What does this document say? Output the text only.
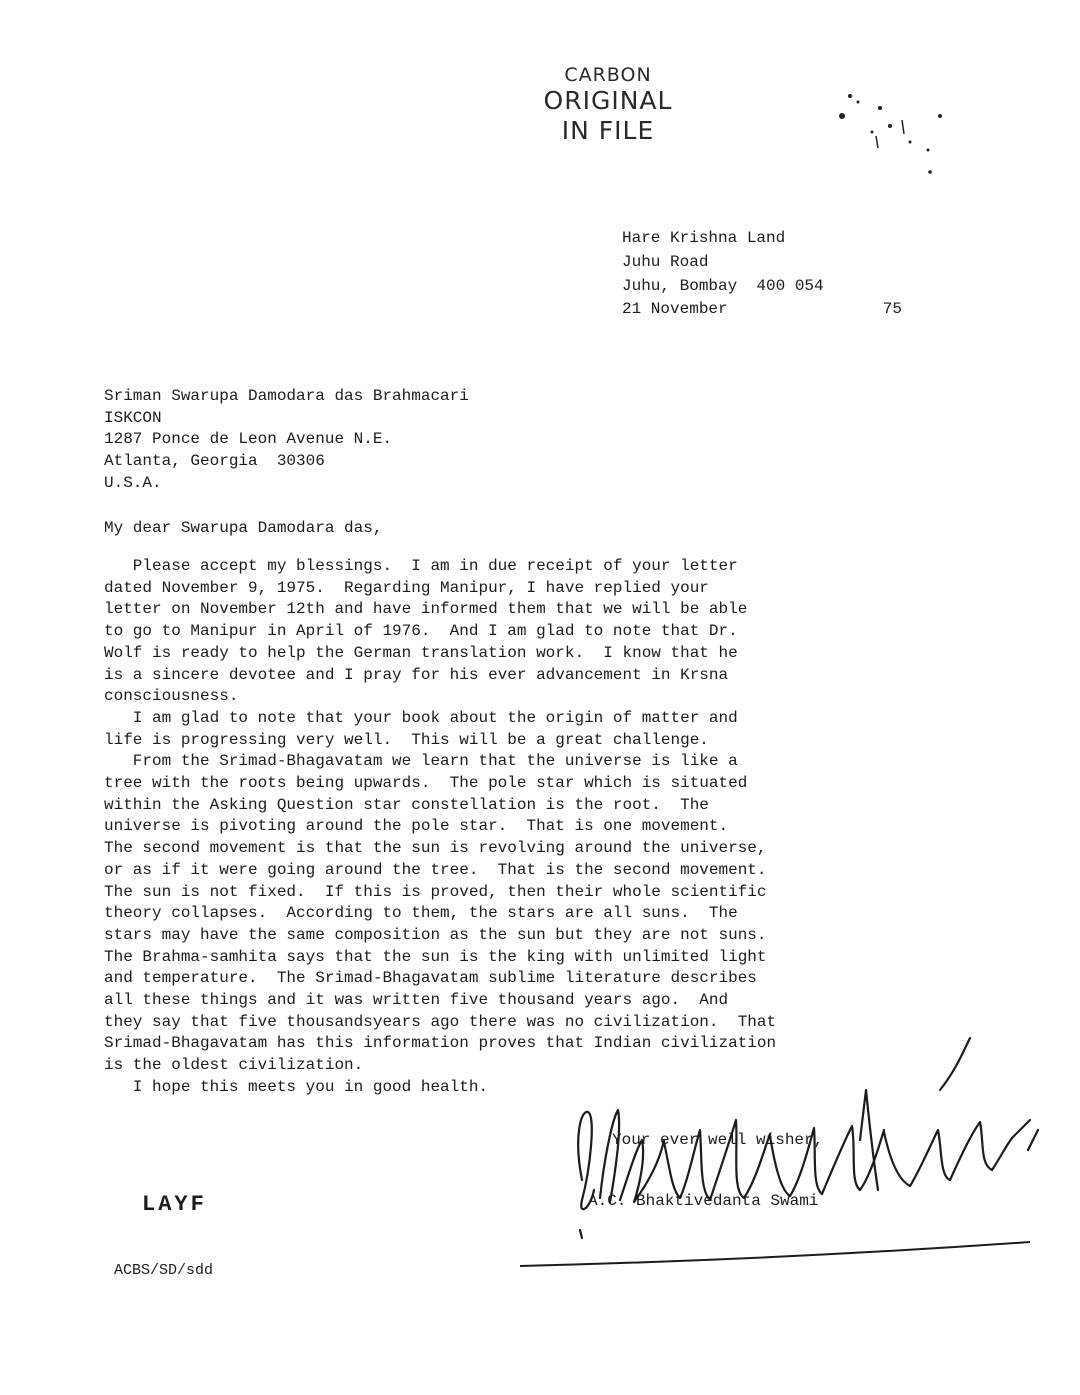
CARBON
ORIGINAL
IN FILE
Hare Krishna Land
Juhu Road
Juhu, Bombay  400 054
21 November	75
Sriman Swarupa Damodara das Brahmacari
ISKCON
1287 Ponce de Leon Avenue N.E.
Atlanta, Georgia  30306
U.S.A.
My dear Swarupa Damodara das,
Please accept my blessings.  I am in due receipt of your letter
dated November 9, 1975.  Regarding Manipur, I have replied your
letter on November 12th and have informed them that we will be able
to go to Manipur in April of 1976.  And I am glad to note that Dr.
Wolf is ready to help the German translation work.  I know that he
is a sincere devotee and I pray for his ever advancement in Krsna
consciousness.
I am glad to note that your book about the origin of matter and
life is progressing very well.  This will be a great challenge.
From the Srimad-Bhagavatam we learn that the universe is like a
tree with the roots being upwards.  The pole star which is situated
within the Asking Question star constellation is the root.  The
universe is pivoting around the pole star.  That is one movement.
The second movement is that the sun is revolving around the universe,
or as if it were going around the tree.  That is the second movement.
The sun is not fixed.  If this is proved, then their whole scientific
theory collapses.  According to them, the stars are all suns.  The
stars may have the same composition as the sun but they are not suns.
The Brahma-samhita says that the sun is the king with unlimited light
and temperature.  The Srimad-Bhagavatam sublime literature describes
all these things and it was written five thousand years ago.  And
they say that five thousandsyears ago there was no civilization.  That
Srimad-Bhagavatam has this information proves that Indian civilization
is the oldest civilization.
I hope this meets you in good health.
Your ever well wisher,
A.C. Bhaktivedanta Swami
LAYF
ACBS/SD/sdd
